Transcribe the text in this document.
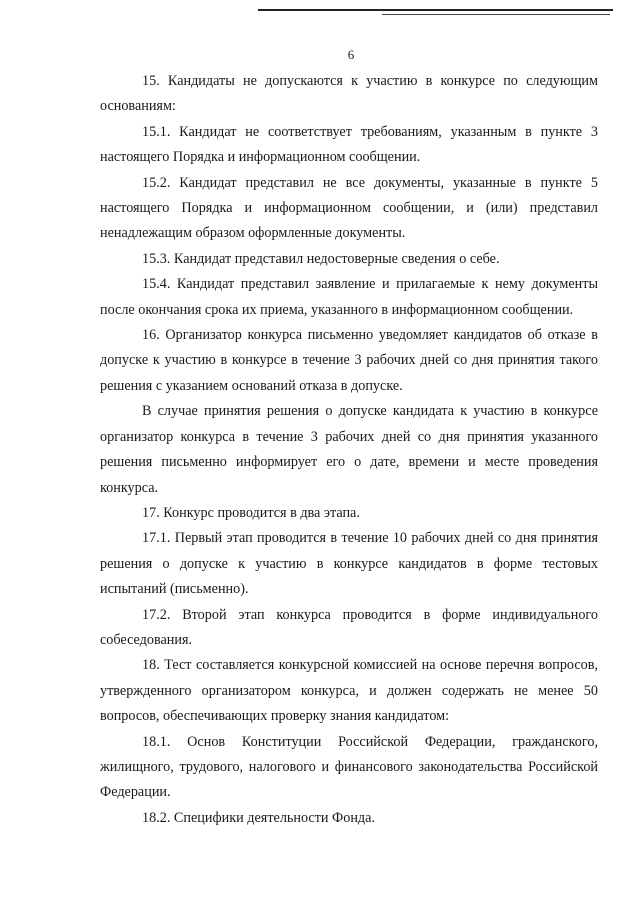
6

15. Кандидаты не допускаются к участию в конкурсе по следующим основаниям:

15.1. Кандидат не соответствует требованиям, указанным в пункте 3 настоящего Порядка и информационном сообщении.

15.2. Кандидат представил не все документы, указанные в пункте 5 настоящего Порядка и информационном сообщении, и (или) представил ненадлежащим образом оформленные документы.

15.3. Кандидат представил недостоверные сведения о себе.

15.4. Кандидат представил заявление и прилагаемые к нему документы после окончания срока их приема, указанного в информационном сообщении.

16. Организатор конкурса письменно уведомляет кандидатов об отказе в допуске к участию в конкурсе в течение 3 рабочих дней со дня принятия такого решения с указанием оснований отказа в допуске.

В случае принятия решения о допуске кандидата к участию в конкурсе организатор конкурса в течение 3 рабочих дней со дня принятия указанного решения письменно информирует его о дате, времени и месте проведения конкурса.

17. Конкурс проводится в два этапа.

17.1. Первый этап проводится в течение 10 рабочих дней со дня принятия решения о допуске к участию в конкурсе кандидатов в форме тестовых испытаний (письменно).

17.2. Второй этап конкурса проводится в форме индивидуального собеседования.

18. Тест составляется конкурсной комиссией на основе перечня вопросов, утвержденного организатором конкурса, и должен содержать не менее 50 вопросов, обеспечивающих проверку знания кандидатом:

18.1. Основ Конституции Российской Федерации, гражданского, жилищного, трудового, налогового и финансового законодательства Российской Федерации.

18.2. Специфики деятельности Фонда.
